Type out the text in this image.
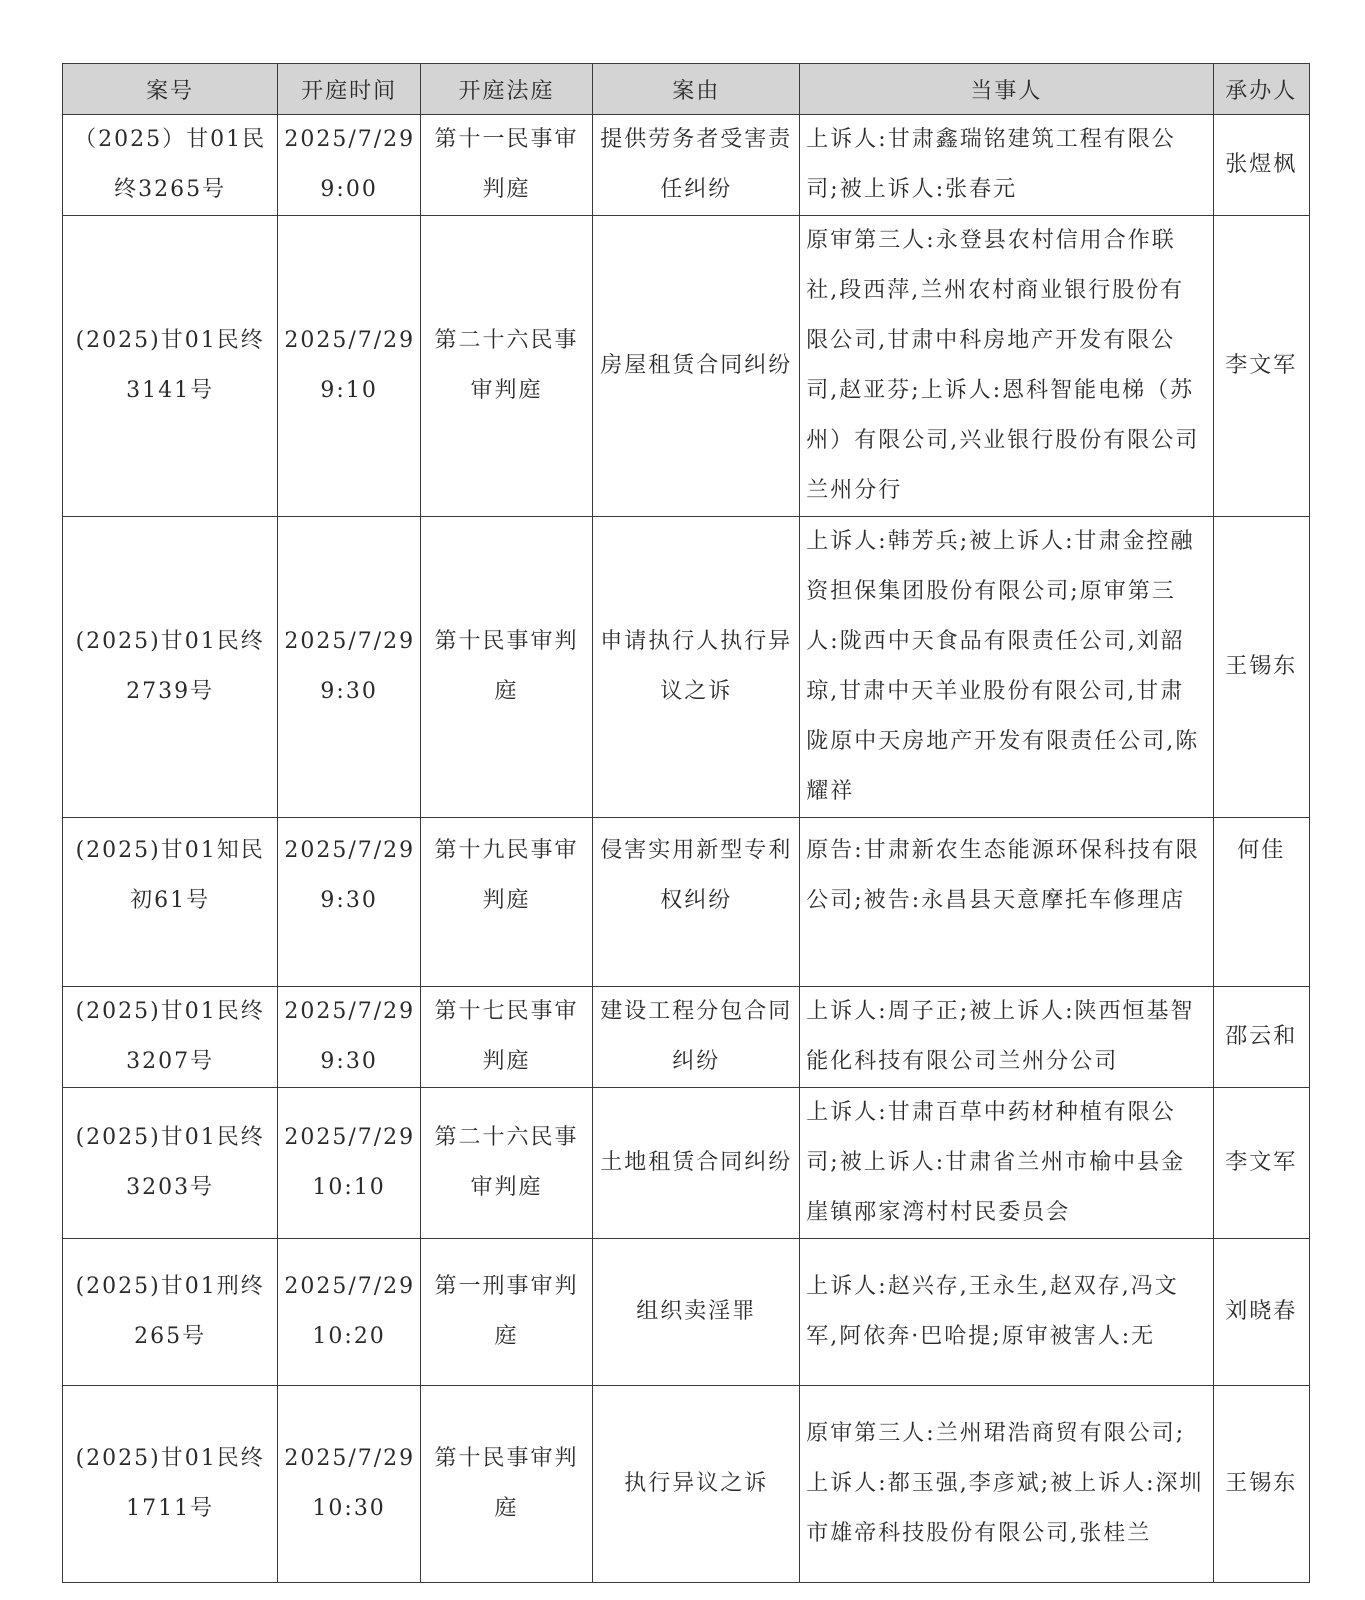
案号	开庭时间	开庭法庭	案由	当事人	承办人
（2025）甘01民终3265号	2025/7/29 9:00	第十一民事审判庭	提供劳务者受害责任纠纷	上诉人:甘肃鑫瑞铭建筑工程有限公司;被上诉人:张春元	张煜枫
(2025)甘01民终3141号	2025/7/29 9:10	第二十六民事审判庭	房屋租赁合同纠纷	原审第三人:永登县农村信用合作联社,段西萍,兰州农村商业银行股份有限公司,甘肃中科房地产开发有限公司,赵亚芬;上诉人:恩科智能电梯（苏州）有限公司,兴业银行股份有限公司兰州分行	李文军
(2025)甘01民终2739号	2025/7/29 9:30	第十民事审判庭	申请执行人执行异议之诉	上诉人:韩芳兵;被上诉人:甘肃金控融资担保集团股份有限公司;原审第三人:陇西中天食品有限责任公司,刘韶琼,甘肃中天羊业股份有限公司,甘肃陇原中天房地产开发有限责任公司,陈耀祥	王锡东
(2025)甘01知民初61号	2025/7/29 9:30	第十九民事审判庭	侵害实用新型专利权纠纷	原告:甘肃新农生态能源环保科技有限公司;被告:永昌县天意摩托车修理店	何佳
(2025)甘01民终3207号	2025/7/29 9:30	第十七民事审判庭	建设工程分包合同纠纷	上诉人:周子正;被上诉人:陕西恒基智能化科技有限公司兰州分公司	邵云和
(2025)甘01民终3203号	2025/7/29 10:10	第二十六民事审判庭	土地租赁合同纠纷	上诉人:甘肃百草中药材种植有限公司;被上诉人:甘肃省兰州市榆中县金崖镇邴家湾村村民委员会	李文军
(2025)甘01刑终265号	2025/7/29 10:20	第一刑事审判庭	组织卖淫罪	上诉人:赵兴存,王永生,赵双存,冯文军,阿依奔·巴哈提;原审被害人:无	刘晓春
(2025)甘01民终1711号	2025/7/29 10:30	第十民事审判庭	执行异议之诉	原审第三人:兰州珺浩商贸有限公司;上诉人:都玉强,李彦斌;被上诉人:深圳市雄帝科技股份有限公司,张桂兰	王锡东
